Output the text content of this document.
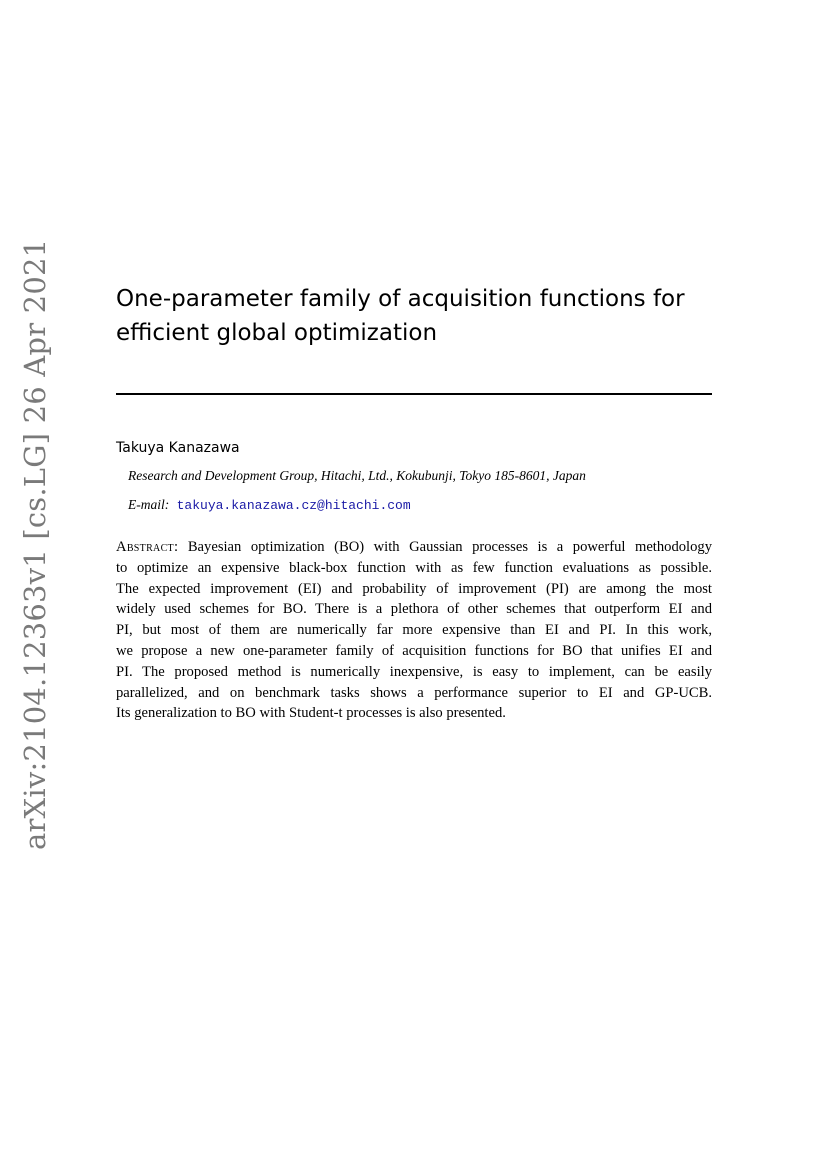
arXiv:2104.12363v1 [cs.LG] 26 Apr 2021	One-parameter family of acquisition functions for
efficient global optimization
Takuya Kanazawa
Research and Development Group, Hitachi, Ltd., Kokubunji, Tokyo 185-8601, Japan
E-mail: takuya.kanazawa.cz@hitachi.com
Abstract: Bayesian optimization (BO) with Gaussian processes is a powerful methodology
to optimize an expensive black-box function with as few function evaluations as possible.
The expected improvement (EI) and probability of improvement (PI) are among the most
widely used schemes for BO. There is a plethora of other schemes that outperform EI and
PI, but most of them are numerically far more expensive than EI and PI. In this work,
we propose a new one-parameter family of acquisition functions for BO that unifies EI and
PI. The proposed method is numerically inexpensive, is easy to implement, can be easily
parallelized, and on benchmark tasks shows a performance superior to EI and GP-UCB.
Its generalization to BO with Student-t processes is also presented.
